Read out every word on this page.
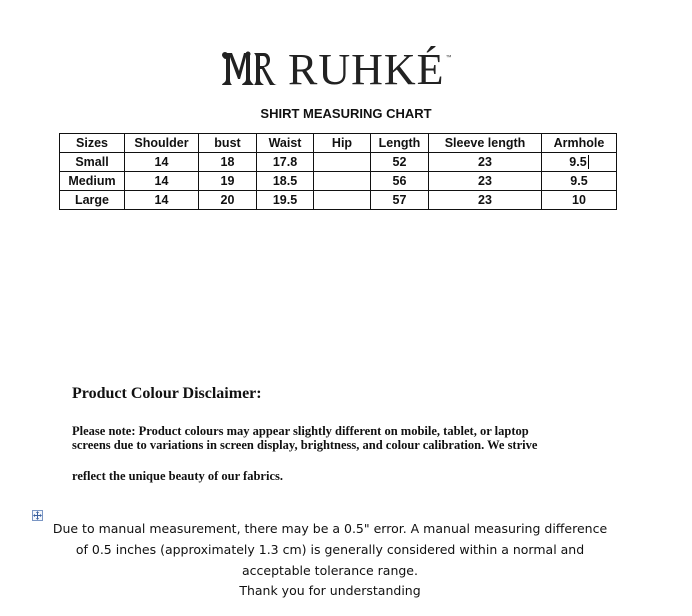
RUHKÉ ™
SHIRT MEASURING CHART
Sizes	Shoulder	bust	Waist	Hip	Length	Sleeve length	Armhole
Small	14	18	17.8		52	23	9.5
Medium	14	19	18.5		56	23	9.5
Large	14	20	19.5		57	23	10
Product Colour Disclaimer:
Please note: Product colours may appear slightly different on mobile, tablet, or laptop
screens due to variations in screen display, brightness, and colour calibration. We strive
reflect the unique beauty of our fabrics.
Due to manual measurement, there may be a 0.5" error. A manual measuring difference
of 0.5 inches (approximately 1.3 cm) is generally considered within a normal and
acceptable tolerance range.
Thank you for understanding
